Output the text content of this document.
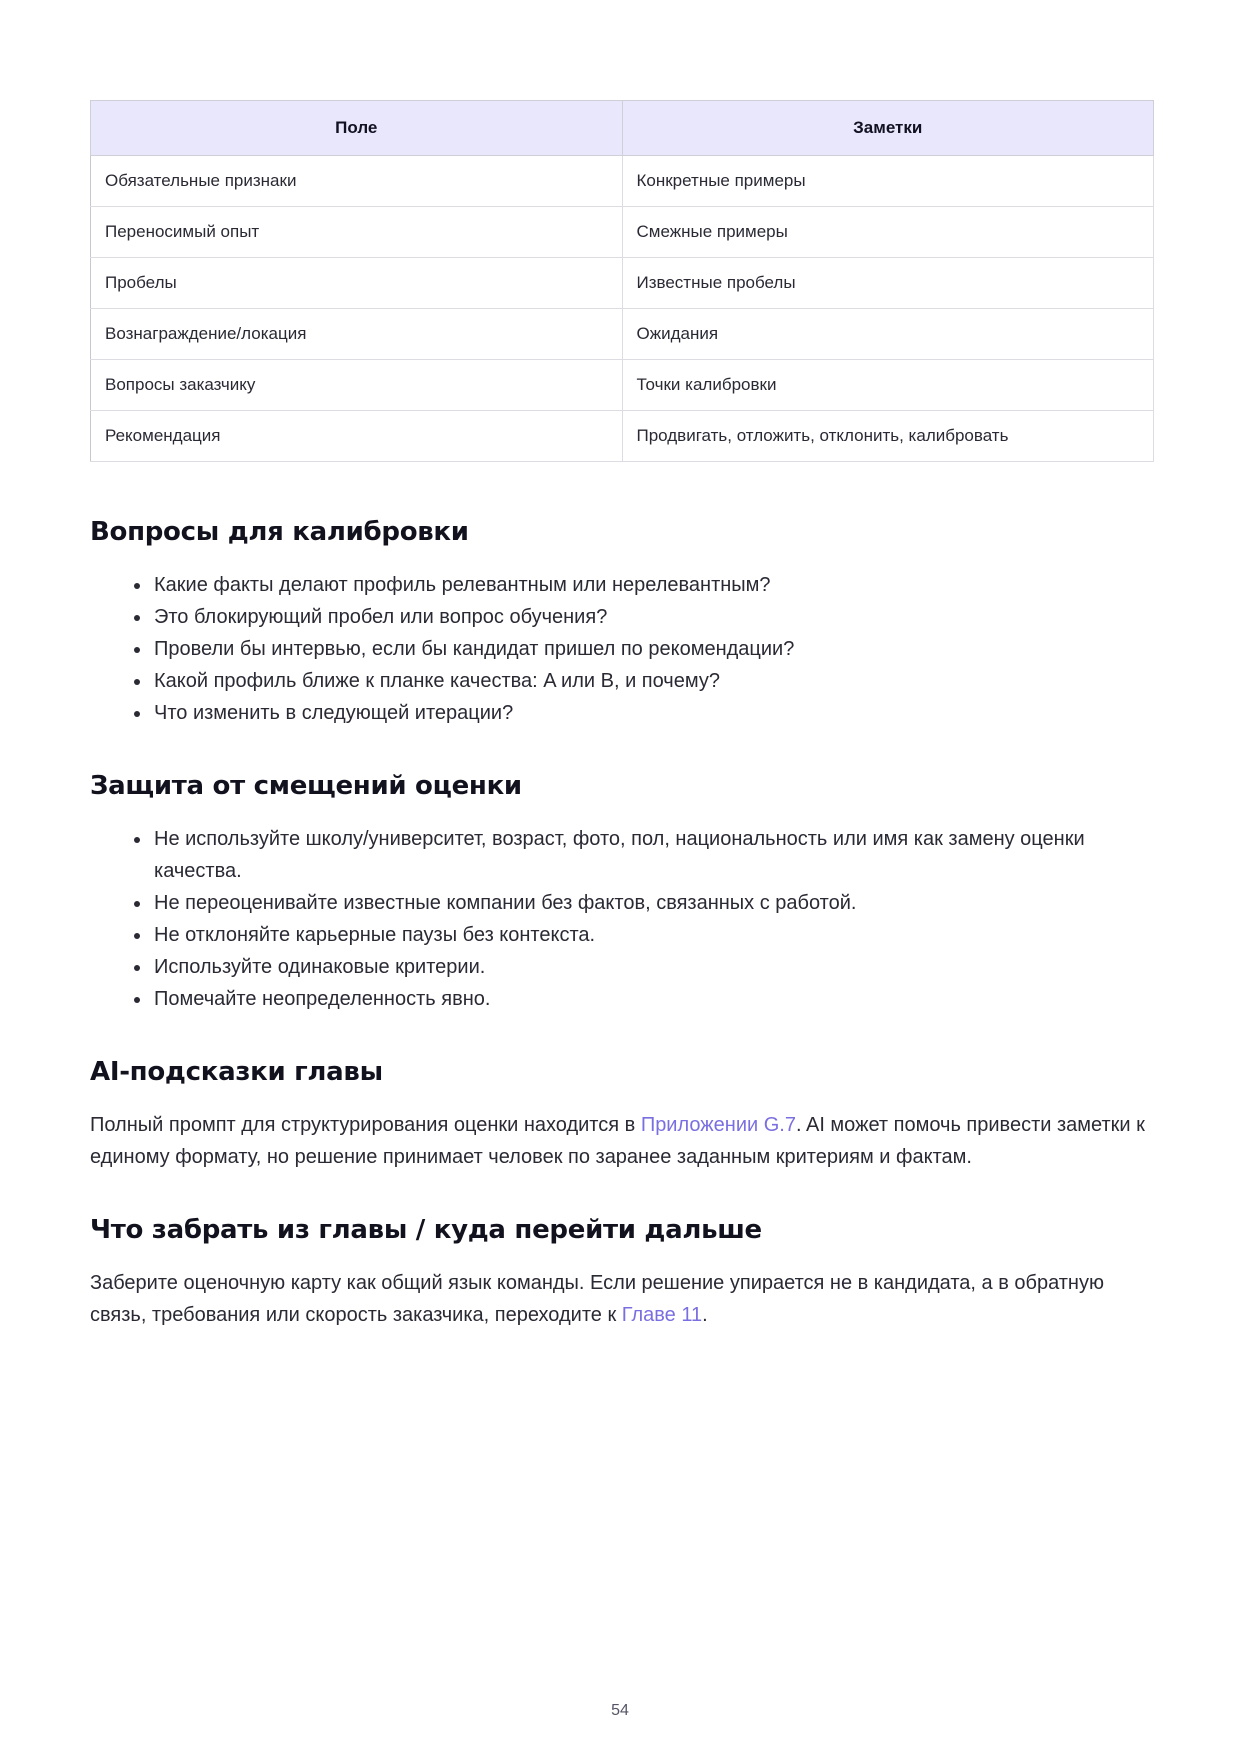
Поле	Заметки
Обязательные признаки	Конкретные примеры
Переносимый опыт	Смежные примеры
Пробелы	Известные пробелы
Вознаграждение/локация	Ожидания
Вопросы заказчику	Точки калибровки
Рекомендация	Продвигать, отложить, отклонить, калибровать
Вопросы для калибровки
• Какие факты делают профиль релевантным или нерелевантным?
• Это блокирующий пробел или вопрос обучения?
• Провели бы интервью, если бы кандидат пришел по рекомендации?
• Какой профиль ближе к планке качества: A или B, и почему?
• Что изменить в следующей итерации?
Защита от смещений оценки
• Не используйте школу/университет, возраст, фото, пол, национальность или имя как замену оценки качества.
• Не переоценивайте известные компании без фактов, связанных с работой.
• Не отклоняйте карьерные паузы без контекста.
• Используйте одинаковые критерии.
• Помечайте неопределенность явно.
AI-подсказки главы

Полный промпт для структурирования оценки находится в Приложении G.7. AI может помочь привести заметки к единому формату, но решение принимает человек по заранее заданным критериям и фактам.

Что забрать из главы / куда перейти дальше

Заберите оценочную карту как общий язык команды. Если решение упирается не в кандидата, а в обратную связь, требования или скорость заказчика, переходите к Главе 11.

54
